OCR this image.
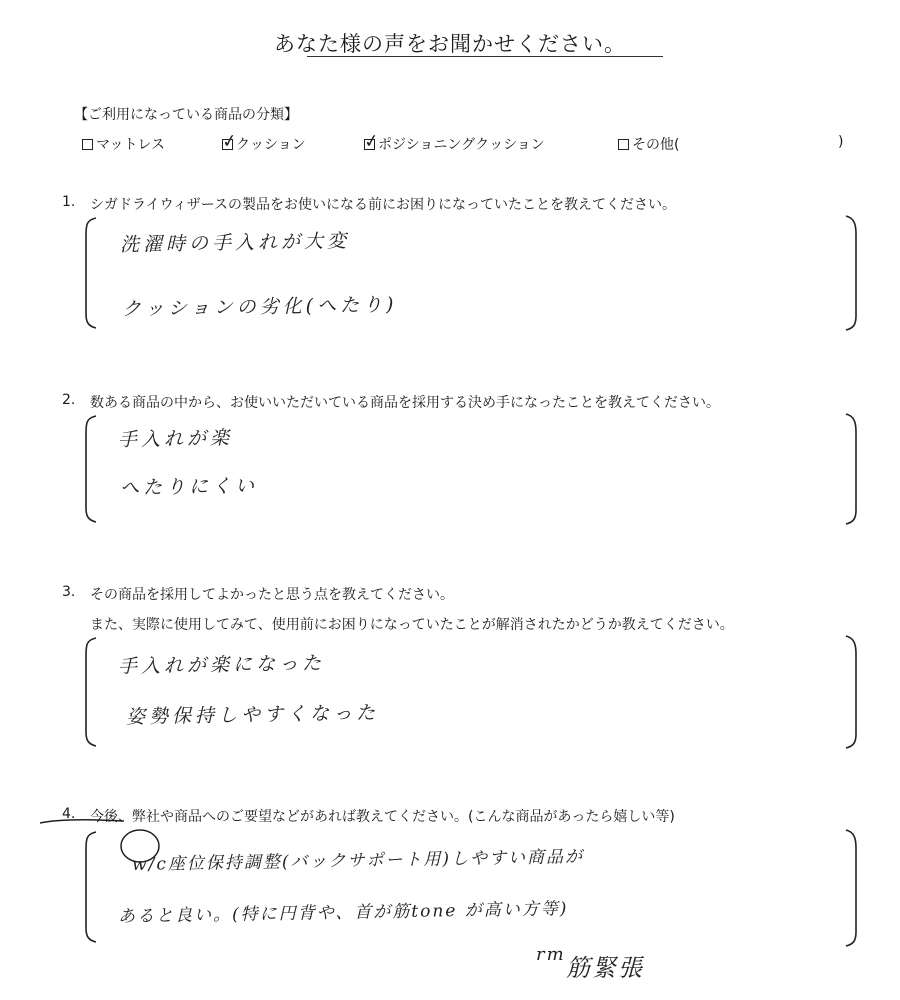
あなた様の声をお聞かせください。
【ご利用になっている商品の分類】
マットレス	✓
クッション	✓
ポジショニングクッション	その他(	)
1. シガドライウィザースの製品をお使いになる前にお困りになっていたことを教えてください。
洗濯時の手入れが大変
クッションの劣化(へたり)
2. 数ある商品の中から、お使いいただいている商品を採用する決め手になったことを教えてください。
手入れが楽
へたりにくい
3. その商品を採用してよかったと思う点を教えてください。
また、実際に使用してみて、使用前にお困りになっていたことが解消されたかどうか教えてください。
手入れが楽になった
姿勢保持しやすくなった
4. 今後、弊社や商品へのご要望などがあれば教えてください。(こんな商品があったら嬉しい等)
w/c座位保持調整(バックサポート用)しやすい商品が
あると良い。(特に円背や、首が筋tone が高い方等)
rm 筋緊張
